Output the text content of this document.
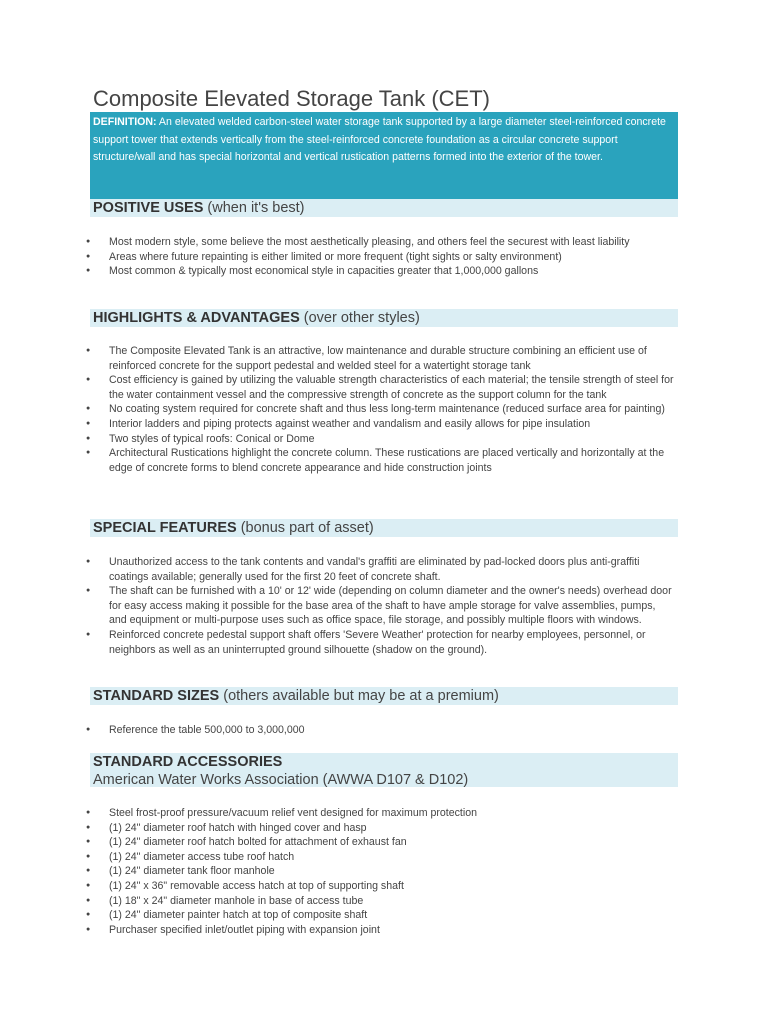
Composite Elevated Storage Tank (CET)
DEFINITION: An elevated welded carbon-steel water storage tank supported by a large diameter steel-reinforced concrete support tower that extends vertically from the steel-reinforced concrete foundation as a circular concrete support structure/wall and has special horizontal and vertical rustication patterns formed into the exterior of the tower.
POSITIVE USES (when it's best)
● Most modern style, some believe the most aesthetically pleasing, and others feel the securest with least liability
● Areas where future repainting is either limited or more frequent (tight sights or salty environment)
● Most common & typically most economical style in capacities greater that 1,000,000 gallons
HIGHLIGHTS & ADVANTAGES (over other styles)
● The Composite Elevated Tank is an attractive, low maintenance and durable structure combining an efficient use of reinforced concrete for the support pedestal and welded steel for a watertight storage tank
● Cost efficiency is gained by utilizing the valuable strength characteristics of each material; the tensile strength of steel for the water containment vessel and the compressive strength of concrete as the support column for the tank
● No coating system required for concrete shaft and thus less long-term maintenance (reduced surface area for painting)
● Interior ladders and piping protects against weather and vandalism and easily allows for pipe insulation
● Two styles of typical roofs: Conical or Dome
● Architectural Rustications highlight the concrete column. These rustications are placed vertically and horizontally at the edge of concrete forms to blend concrete appearance and hide construction joints
SPECIAL FEATURES (bonus part of asset)
● Unauthorized access to the tank contents and vandal's graffiti are eliminated by pad-locked doors plus anti-graffiti coatings available; generally used for the first 20 feet of concrete shaft.
● The shaft can be furnished with a 10' or 12' wide (depending on column diameter and the owner's needs) overhead door for easy access making it possible for the base area of the shaft to have ample storage for valve assemblies, pumps, and equipment or multi-purpose uses such as office space, file storage, and possibly multiple floors with windows.
● Reinforced concrete pedestal support shaft offers 'Severe Weather' protection for nearby employees, personnel, or neighbors as well as an uninterrupted ground silhouette (shadow on the ground).
STANDARD SIZES (others available but may be at a premium)
● Reference the table 500,000 to 3,000,000
STANDARD ACCESSORIES
American Water Works Association (AWWA D107 & D102)
● Steel frost-proof pressure/vacuum relief vent designed for maximum protection
● (1) 24" diameter roof hatch with hinged cover and hasp
● (1) 24" diameter roof hatch bolted for attachment of exhaust fan
● (1) 24" diameter access tube roof hatch
● (1) 24" diameter tank floor manhole
● (1) 24" x 36" removable access hatch at top of supporting shaft
● (1) 18" x 24" diameter manhole in base of access tube
● (1) 24" diameter painter hatch at top of composite shaft
● Purchaser specified inlet/outlet piping with expansion joint
